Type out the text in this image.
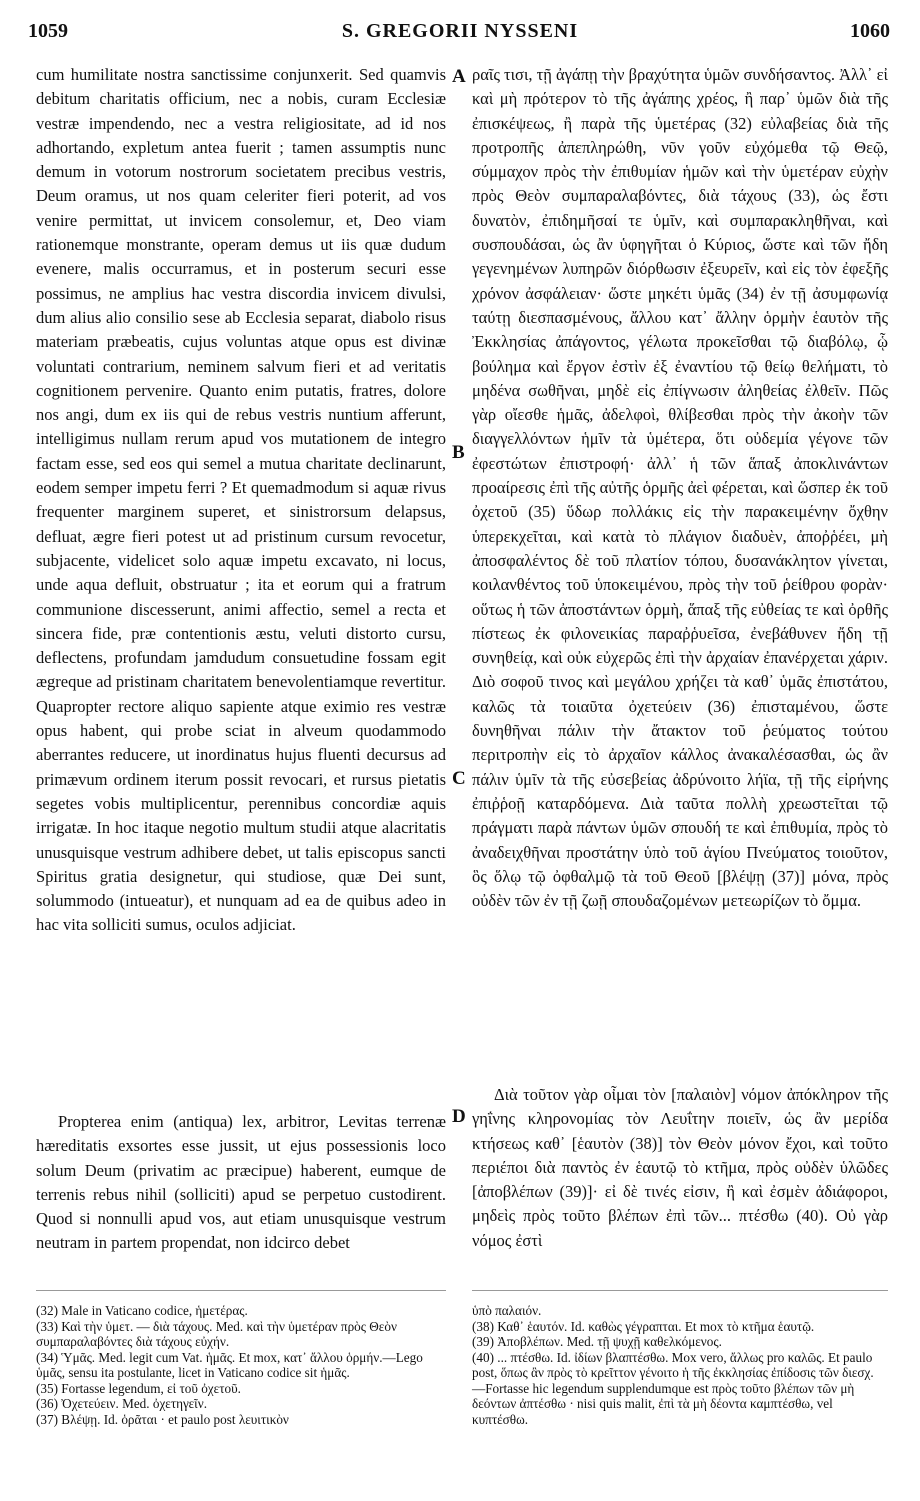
1059	S. GREGORII NYSSENI	1060

cum humilitate nostra sanctissime conjunxerit. Sed quamvis debitum charitatis officium, nec a nobis, curam Ecclesiæ vestræ impendendo, nec a vestra religiositate, ad id nos adhortando, expletum antea fuerit ; tamen assumptis nunc demum in votorum nostrorum societatem precibus vestris, Deum oramus, ut nos quam celeriter fieri poterit, ad vos venire permittat, ut invicem consolemur, et, Deo viam rationemque monstrante, operam demus ut iis quæ dudum evenere, malis occurramus, et in posterum securi esse possimus, ne amplius hac vestra discordia invicem divulsi, dum alius alio consilio sese ab Ecclesia separat, diabolo risus materiam præbeatis, cujus voluntas atque opus est divinæ voluntati contrarium, neminem salvum fieri et ad veritatis cognitionem pervenire. Quanto enim putatis, fratres, dolore nos angi, dum ex iis qui de rebus vestris nuntium afferunt, intelligimus nullam rerum apud vos mutationem de integro factam esse, sed eos qui semel a mutua charitate declinarunt, eodem semper impetu ferri ? Et quemadmodum si aquæ rivus frequenter marginem superet, et sinistrorsum delapsus, defluat, ægre fieri potest ut ad pristinum cursum revocetur, subjacente, videlicet solo aquæ impetu excavato, ni locus, unde aqua defluit, obstruatur ; ita et eorum qui a fratrum communione discesserunt, animi affectio, semel a recta et sincera fide, præ contentionis æstu, veluti distorto cursu, deflectens, profundam jamdudum consuetudine fossam egit ægreque ad pristinam charitatem benevolentiamque revertitur. Quapropter rectore aliquo sapiente atque eximio res vestræ opus habent, qui probe sciat in alveum quodammodo aberrantes reducere, ut inordinatus hujus fluenti decursus ad primævum ordinem iterum possit revocari, et rursus pietatis segetes vobis multiplicentur, perennibus concordiæ aquis irrigatæ. In hoc itaque negotio multum studii atque alacritatis unusquisque vestrum adhibere debet, ut talis episcopus sancti Spiritus gratia designetur, qui studiose, quæ Dei sunt, solummodo (intueatur), et nunquam ad ea de quibus adeo in hac vita solliciti sumus, oculos adjiciat.

ραῖς τισι, τῇ ἀγάπῃ τὴν βραχύτητα ὑμῶν συνδήσαντος. Ἀλλ᾽ εἰ καὶ μὴ πρότερον τὸ τῆς ἀγάπης χρέος, ἢ παρ᾽ ὑμῶν διὰ τῆς ἐπισκέψεως, ἢ παρὰ τῆς ὑμετέρας (32) εὐλαβείας διὰ τῆς προτροπῆς ἀπεπληρώθη, νῦν γοῦν εὐχόμεθα τῷ Θεῷ, σύμμαχον πρὸς τὴν ἐπιθυμίαν ἡμῶν καὶ τὴν ὑμετέραν εὐχὴν πρὸς Θεὸν συμπαραλαβόντες, διὰ τάχους (33), ὡς ἔστι δυνατὸν, ἐπιδημῆσαί τε ὑμῖν, καὶ συμπαρακληθῆναι, καὶ συσπουδάσαι, ὡς ἂν ὑφηγῆται ὁ Κύριος, ὥστε καὶ τῶν ἤδη γεγενημένων λυπηρῶν διόρθωσιν ἐξευρεῖν, καὶ εἰς τὸν ἐφεξῆς χρόνον ἀσφάλειαν· ὥστε μηκέτι ὑμᾶς (34) ἐν τῇ ἀσυμφωνίᾳ ταύτῃ διεσπασμένους, ἄλλου κατ᾽ ἄλλην ὁρμὴν ἑαυτὸν τῆς Ἐκκλησίας ἀπάγοντος, γέλωτα προκεῖσθαι τῷ διαβόλῳ, ᾧ βούλημα καὶ ἔργον ἐστὶν ἐξ ἐναντίου τῷ θείῳ θελήματι, τὸ μηδένα σωθῆναι, μηδὲ εἰς ἐπίγνωσιν ἀληθείας ἐλθεῖν. Πῶς γὰρ οἴεσθε ἡμᾶς, ἀδελφοὶ, θλίβεσθαι πρὸς τὴν ἀκοὴν τῶν διαγγελλόντων ἡμῖν τὰ ὑμέτερα, ὅτι οὐδεμία γέγονε τῶν ἐφεστώτων ἐπιστροφή· ἀλλ᾽ ἡ τῶν ἅπαξ ἀποκλινάντων προαίρεσις ἐπὶ τῆς αὐτῆς ὁρμῆς ἀεὶ φέρεται, καὶ ὥσπερ ἐκ τοῦ ὀχετοῦ (35) ὕδωρ πολλάκις εἰς τὴν παρακειμένην ὄχθην ὑπερεκχεῖται, καὶ κατὰ τὸ πλάγιον διαδυὲν, ἀποῤῥέει, μὴ ἀποσφαλέντος δὲ τοῦ πλατίον τόπου, δυσανάκλητον γίνεται, κοιλανθέντος τοῦ ὑποκειμένου, πρὸς τὴν τοῦ ῥείθρου φορὰν· οὕτως ἡ τῶν ἀποστάντων ὁρμὴ, ἅπαξ τῆς εὐθείας τε καὶ ὀρθῆς πίστεως ἐκ φιλονεικίας παραῤῥυεῖσα, ἐνεβάθυνεν ἤδη τῇ συνηθείᾳ, καὶ οὐκ εὐχερῶς ἐπὶ τὴν ἀρχαίαν ἐπανέρχεται χάριν. Διὸ σοφοῦ τινος καὶ μεγάλου χρήζει τὰ καθ᾽ ὑμᾶς ἐπιστάτου, καλῶς τὰ τοιαῦτα ὀχετεύειν (36) ἐπισταμένου, ὥστε δυνηθῆναι πάλιν τὴν ἄτακτον τοῦ ῥεύματος τούτου περιτροπὴν εἰς τὸ ἀρχαῖον κάλλος ἀνακαλέσασθαι, ὡς ἂν πάλιν ὑμῖν τὰ τῆς εὐσεβείας ἀδρύνοιτο λήϊα, τῇ τῆς εἰρήνης ἐπιῤῥοῇ καταρδόμενα. Διὰ ταῦτα πολλὴ χρεωστεῖται τῷ πράγματι παρὰ πάντων ὑμῶν σπουδή τε καὶ ἐπιθυμία, πρὸς τὸ ἀναδειχθῆναι προστάτην ὑπὸ τοῦ ἁγίου Πνεύματος τοιοῦτον, ὃς ὅλῳ τῷ ὀφθαλμῷ τὰ τοῦ Θεοῦ [βλέψῃ (37)] μόνα, πρὸς οὐδὲν τῶν ἐν τῇ ζωῇ σπουδαζομένων μετεωρίζων τὸ ὄμμα.

Propterea enim (antiqua) lex, arbitror, Levitas terrenæ hæreditatis exsortes esse jussit, ut ejus possessionis loco solum Deum (privatim ac præcipue) haberent, eumque de terrenis rebus nihil (solliciti) apud se perpetuo custodirent. Quod si nonnulli apud vos, aut etiam unusquisque vestrum neutram in partem propendat, non idcirco debet

Διὰ τοῦτον γὰρ οἶμαι τὸν [παλαιὸν] νόμον ἀπόκληρον τῆς γηΐνης κληρονομίας τὸν Λευΐτην ποιεῖν, ὡς ἂν μερίδα κτήσεως καθ᾽ [ἑαυτὸν (38)] τὸν Θεὸν μόνον ἔχοι, καὶ τοῦτο περιέποι διὰ παντὸς ἐν ἑαυτῷ τὸ κτῆμα, πρὸς οὐδὲν ὑλῶδες [ἀποβλέπων (39)]· εἰ δὲ τινές εἰσιν, ἢ καὶ ἐσμὲν ἀδιάφοροι, μηδεὶς πρὸς τοῦτο βλέπων ἐπὶ τῶν... πτέσθω (40). Οὐ γὰρ νόμος ἐστὶ

A
B
C
D

(32) Male in Vaticano codice, ἡμετέρας.

(33) Καὶ τὴν ὑμετ. — διὰ τάχους. Med. καὶ τὴν ὑμετέραν πρὸς Θεὸν συμπαραλαβόντες διὰ τάχους εὐχήν.

(34) Ὑμᾶς. Med. legit cum Vat. ἡμᾶς. Et mox, κατ᾽ ἄλλου ὁρμήν.—Lego ὑμᾶς, sensu ita postulante, licet in Vaticano codice sit ἡμᾶς.

(35) Fortasse legendum, εἰ τοῦ ὀχετοῦ.

(36) Ὀχετεύειν. Med. ὀχετηγεῖν.

(37) Βλέψῃ. Id. ὁρᾶται · et paulo post λευιτικὸν

ὑπὸ παλαιόν.

(38) Καθ᾽ ἑαυτόν. Id. καθὼς γέγραπται. Et mox τὸ κτῆμα ἑαυτῷ.

(39) Ἀποβλέπων. Med. τῇ ψυχῇ καθελκόμενος.

(40) ... πτέσθω. Id. ἰδίων βλαπτέσθω. Mox vero, ἄλλως pro καλῶς. Et paulo post, ὅπως ἂν πρὸς τὸ κρεῖττον γένοιτο ἡ τῆς ἐκκλησίας ἐπίδοσις τῶν διεσχ. —Fortasse hic legendum supplendumque est πρὸς τοῦτο βλέπων τῶν μὴ δεόντων ἀπτέσθω · nisi quis malit, ἐπὶ τὰ μὴ δέοντα καμπτέσθω, vel κυπτέσθω.
